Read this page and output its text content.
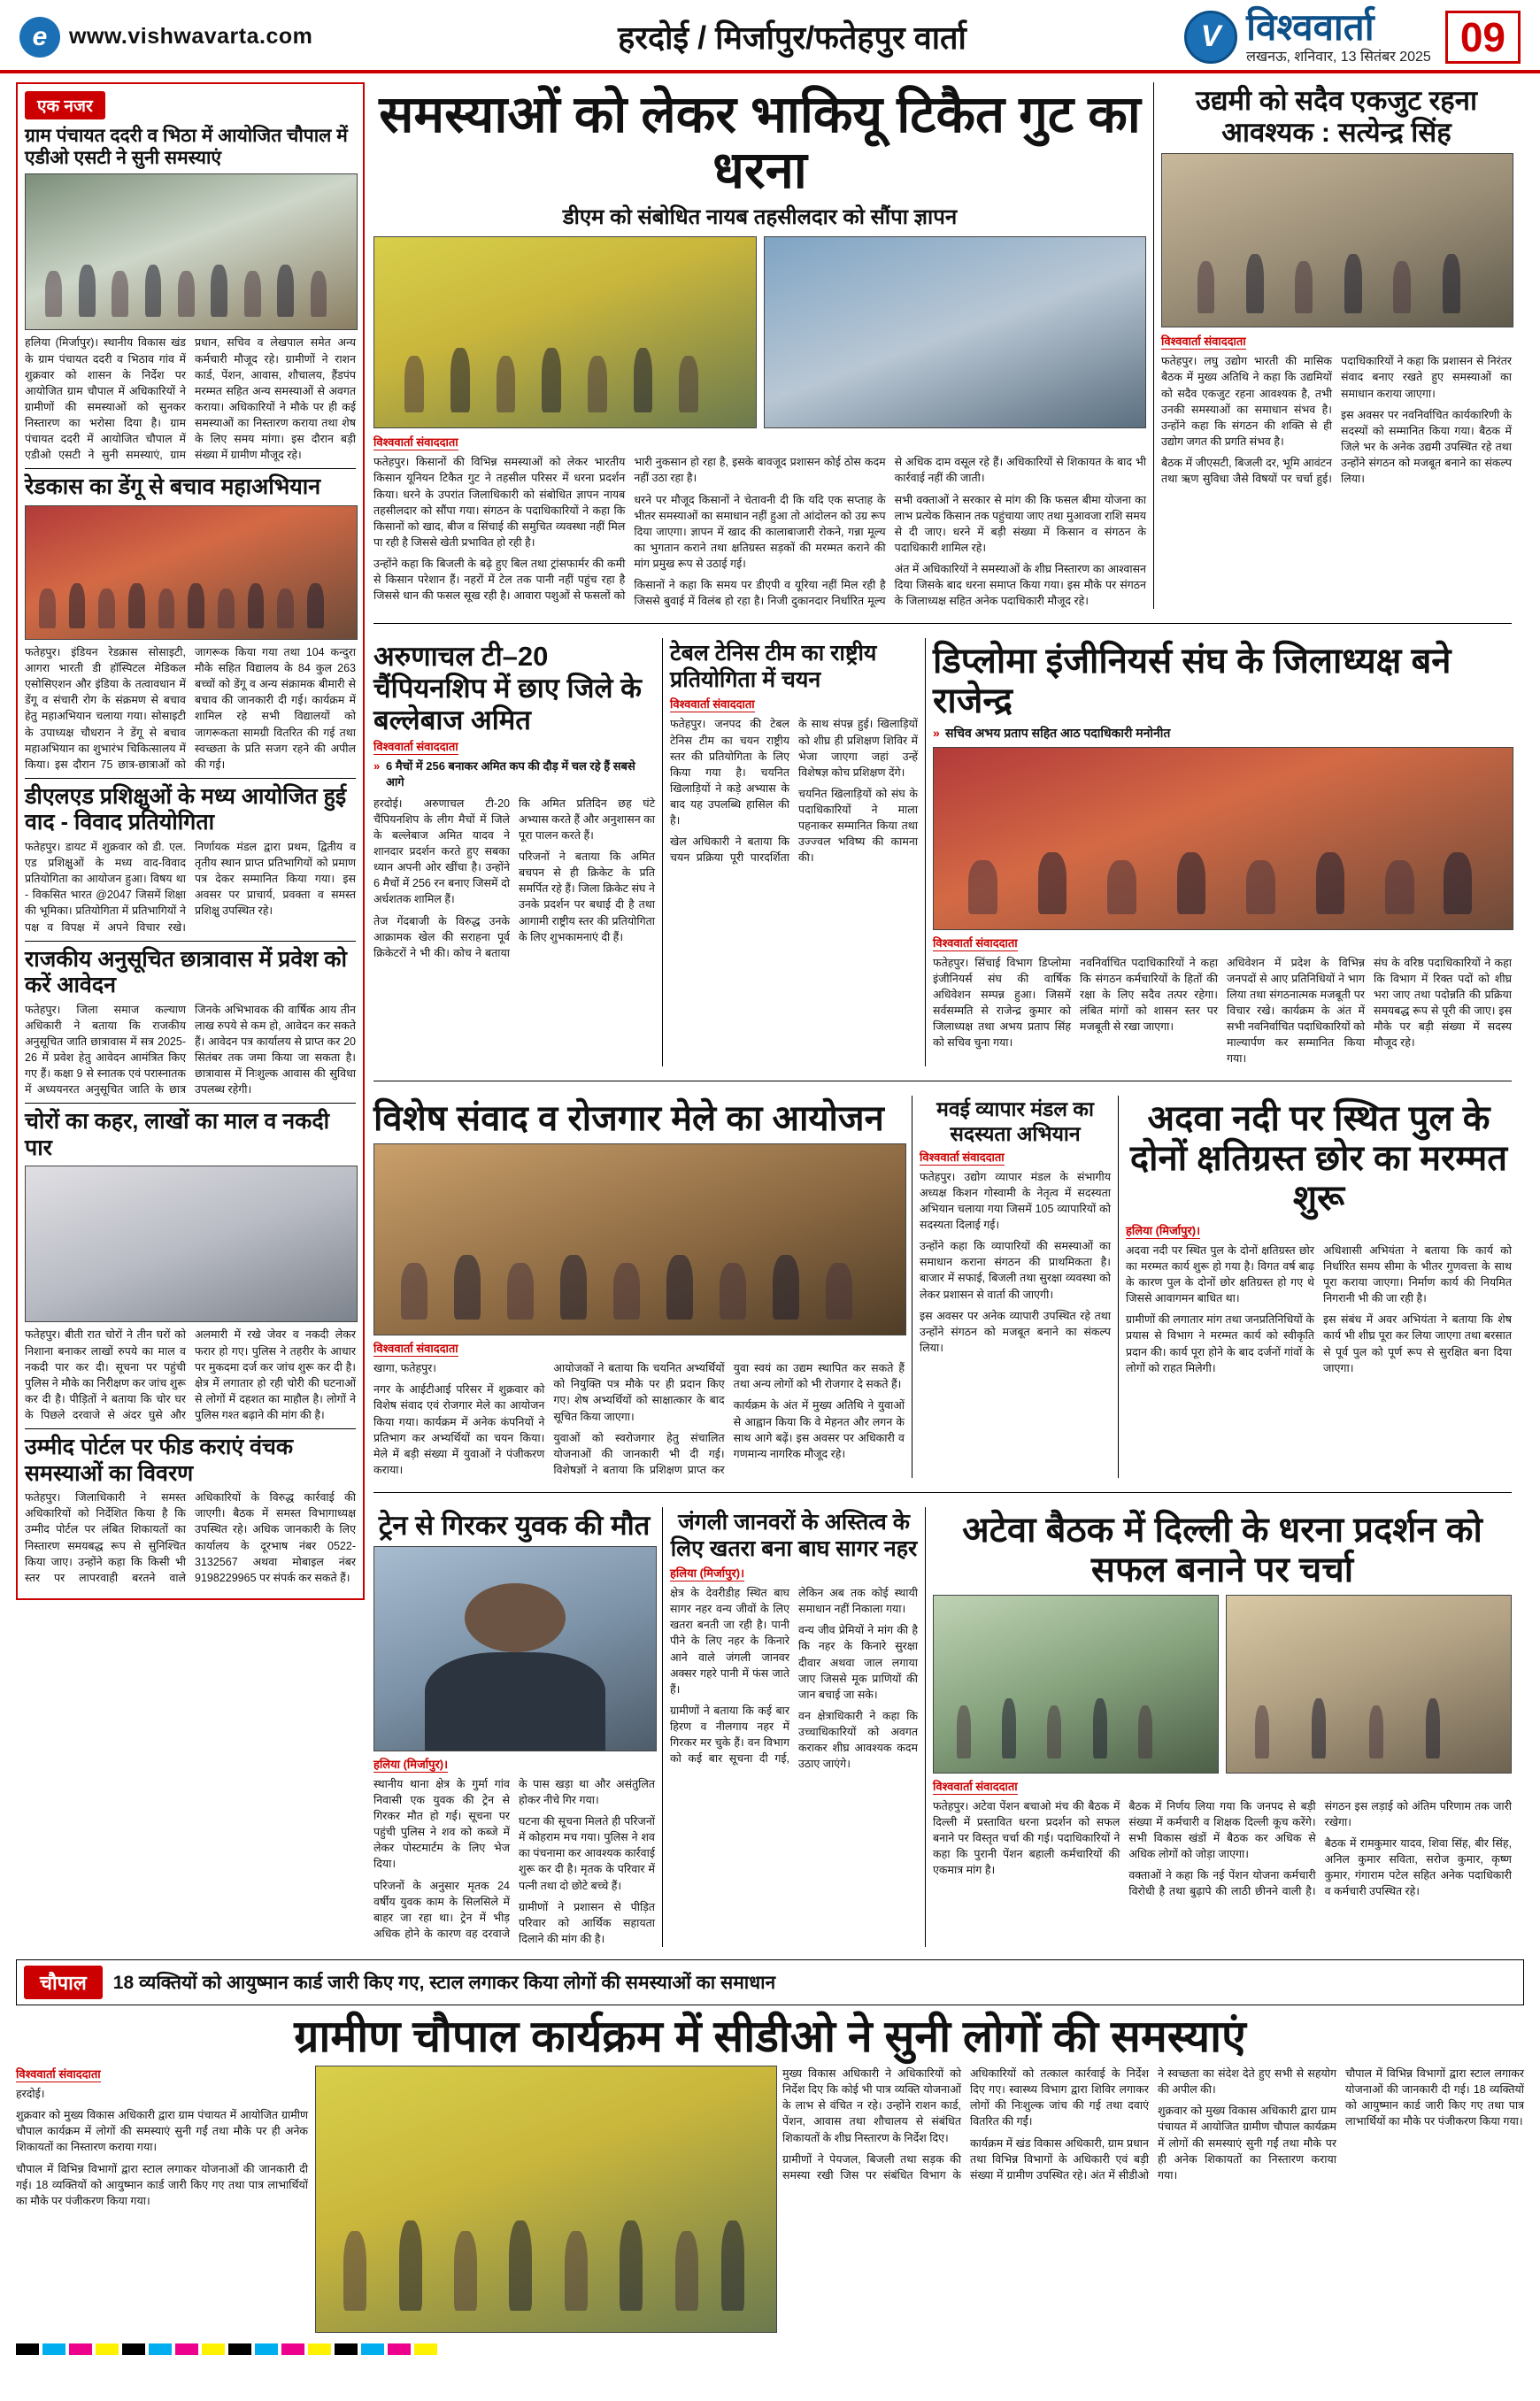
e www.vishwavarta.com	हरदोई / मिर्जापुर/फतेहपुर वार्ता	V विश्ववार्ता
लखनऊ, शनिवार, 13 सितंबर 2025 09
एक नजर
ग्राम पंचायत ददरी व भिठा में आयोजित चौपाल में एडीओ एसटी ने सुनी समस्याएं

हलिया (मिर्जापुर)। स्थानीय विकास खंड के ग्राम पंचायत ददरी व भिठाव गांव में शुक्रवार को शासन के निर्देश पर आयोजित ग्राम चौपाल में अधिकारियों ने ग्रामीणों की समस्याओं को सुनकर निस्तारण का भरोसा दिया है। ग्राम पंचायत ददरी में आयोजित चौपाल में एडीओ एसटी ने सुनी समस्याएं, ग्राम प्रधान, सचिव व लेखपाल समेत अन्य कर्मचारी मौजूद रहे। ग्रामीणों ने राशन कार्ड, पेंशन, आवास, शौचालय, हैंडपंप मरम्मत सहित अन्य समस्याओं से अवगत कराया। अधिकारियों ने मौके पर ही कई समस्याओं का निस्तारण कराया तथा शेष के लिए समय मांगा। इस दौरान बड़ी संख्या में ग्रामीण मौजूद रहे।

रेडकास का डेंगू से बचाव महाअभियान

फतेहपुर। इंडियन रेडक्रास सोसाइटी, आगरा भारती डी हॉस्पिटल मेडिकल एसोसिएशन और इंडिया के तत्वावधान में डेंगू व संचारी रोग के संक्रमण से बचाव हेतु महाअभियान चलाया गया। सोसाइटी के उपाध्यक्ष चौधरान ने डेंगू से बचाव महाअभियान का शुभारंभ चिकित्सालय में किया। इस दौरान 75 छात्र-छात्राओं को जागरूक किया गया तथा 104 कन्दुरा मौके सहित विद्यालय के 84 कुल 263 बच्चों को डेंगू व अन्य संक्रामक बीमारी से बचाव की जानकारी दी गई। कार्यक्रम में शामिल रहे सभी विद्यालयों को जागरूकता सामग्री वितरित की गई तथा स्वच्छता के प्रति सजग रहने की अपील की गई।

डीएलएड प्रशिक्षुओं के मध्य आयोजित हुई वाद - विवाद प्रतियोगिता

फतेहपुर। डायट में शुक्रवार को डी. एल. एड प्रशिक्षुओं के मध्य वाद-विवाद प्रतियोगिता का आयोजन हुआ। विषय था - विकसित भारत @2047 जिसमें शिक्षा की भूमिका। प्रतियोगिता में प्रतिभागियों ने पक्ष व विपक्ष में अपने विचार रखे। निर्णायक मंडल द्वारा प्रथम, द्वितीय व तृतीय स्थान प्राप्त प्रतिभागियों को प्रमाण पत्र देकर सम्मानित किया गया। इस अवसर पर प्राचार्य, प्रवक्ता व समस्त प्रशिक्षु उपस्थित रहे।

राजकीय अनुसूचित छात्रावास में प्रवेश को करें आवेदन

फतेहपुर। जिला समाज कल्याण अधिकारी ने बताया कि राजकीय अनुसूचित जाति छात्रावास में सत्र 2025-26 में प्रवेश हेतु आवेदन आमंत्रित किए गए हैं। कक्षा 9 से स्नातक एवं परास्नातक में अध्ययनरत अनुसूचित जाति के छात्र जिनके अभिभावक की वार्षिक आय तीन लाख रुपये से कम हो, आवेदन कर सकते हैं। आवेदन पत्र कार्यालय से प्राप्त कर 20 सितंबर तक जमा किया जा सकता है। छात्रावास में निःशुल्क आवास की सुविधा उपलब्ध रहेगी।

चोरों का कहर, लाखों का माल व नकदी पार

फतेहपुर। बीती रात चोरों ने तीन घरों को निशाना बनाकर लाखों रुपये का माल व नकदी पार कर दी। सूचना पर पहुंची पुलिस ने मौके का निरीक्षण कर जांच शुरू कर दी है। पीड़ितों ने बताया कि चोर घर के पिछले दरवाजे से अंदर घुसे और अलमारी में रखे जेवर व नकदी लेकर फरार हो गए। पुलिस ने तहरीर के आधार पर मुकदमा दर्ज कर जांच शुरू कर दी है। क्षेत्र में लगातार हो रही चोरी की घटनाओं से लोगों में दहशत का माहौल है। लोगों ने पुलिस गश्त बढ़ाने की मांग की है।

उम्मीद पोर्टल पर फीड कराएं वंचक समस्याओं का विवरण

फतेहपुर। जिलाधिकारी ने समस्त अधिकारियों को निर्देशित किया है कि उम्मीद पोर्टल पर लंबित शिकायतों का निस्तारण समयबद्ध रूप से सुनिश्चित किया जाए। उन्होंने कहा कि किसी भी स्तर पर लापरवाही बरतने वाले अधिकारियों के विरुद्ध कार्रवाई की जाएगी। बैठक में समस्त विभागाध्यक्ष उपस्थित रहे। अधिक जानकारी के लिए कार्यालय के दूरभाष नंबर 0522-3132567 अथवा मोबाइल नंबर 9198229965 पर संपर्क कर सकते हैं।

समस्याओं को लेकर भाकियू टिकैत गुट का धरना
डीएम को संबोधित नायब तहसीलदार को सौंपा ज्ञापन
विश्ववार्ता संवाददाता

फतेहपुर। किसानों की विभिन्न समस्याओं को लेकर भारतीय किसान यूनियन टिकैत गुट ने तहसील परिसर में धरना प्रदर्शन किया। धरने के उपरांत जिलाधिकारी को संबोधित ज्ञापन नायब तहसीलदार को सौंपा गया। संगठन के पदाधिकारियों ने कहा कि किसानों को खाद, बीज व सिंचाई की समुचित व्यवस्था नहीं मिल पा रही है जिससे खेती प्रभावित हो रही है।

उन्होंने कहा कि बिजली के बढ़े हुए बिल तथा ट्रांसफार्मर की कमी से किसान परेशान हैं। नहरों में टेल तक पानी नहीं पहुंच रहा है जिससे धान की फसल सूख रही है। आवारा पशुओं से फसलों को भारी नुकसान हो रहा है, इसके बावजूद प्रशासन कोई ठोस कदम नहीं उठा रहा है।

धरने पर मौजूद किसानों ने चेतावनी दी कि यदि एक सप्ताह के भीतर समस्याओं का समाधान नहीं हुआ तो आंदोलन को उग्र रूप दिया जाएगा। ज्ञापन में खाद की कालाबाजारी रोकने, गन्ना मूल्य का भुगतान कराने तथा क्षतिग्रस्त सड़कों की मरम्मत कराने की मांग प्रमुख रूप से उठाई गई।

किसानों ने कहा कि समय पर डीएपी व यूरिया नहीं मिल रही है जिससे बुवाई में विलंब हो रहा है। निजी दुकानदार निर्धारित मूल्य से अधिक दाम वसूल रहे हैं। अधिकारियों से शिकायत के बाद भी कार्रवाई नहीं की जाती।

सभी वक्ताओं ने सरकार से मांग की कि फसल बीमा योजना का लाभ प्रत्येक किसान तक पहुंचाया जाए तथा मुआवजा राशि समय से दी जाए। धरने में बड़ी संख्या में किसान व संगठन के पदाधिकारी शामिल रहे।

अंत में अधिकारियों ने समस्याओं के शीघ्र निस्तारण का आश्वासन दिया जिसके बाद धरना समाप्त किया गया। इस मौके पर संगठन के जिलाध्यक्ष सहित अनेक पदाधिकारी मौजूद रहे।

उद्यमी को सदैव एकजुट रहना आवश्यक : सत्येन्द्र सिंह
विश्ववार्ता संवाददाता

फतेहपुर। लघु उद्योग भारती की मासिक बैठक में मुख्य अतिथि ने कहा कि उद्यमियों को सदैव एकजुट रहना आवश्यक है, तभी उनकी समस्याओं का समाधान संभव है। उन्होंने कहा कि संगठन की शक्ति से ही उद्योग जगत की प्रगति संभव है।

बैठक में जीएसटी, बिजली दर, भूमि आवंटन तथा ऋण सुविधा जैसे विषयों पर चर्चा हुई। पदाधिकारियों ने कहा कि प्रशासन से निरंतर संवाद बनाए रखते हुए समस्याओं का समाधान कराया जाएगा।

इस अवसर पर नवनिर्वाचित कार्यकारिणी के सदस्यों को सम्मानित किया गया। बैठक में जिले भर के अनेक उद्यमी उपस्थित रहे तथा उन्होंने संगठन को मजबूत बनाने का संकल्प लिया।

अरुणाचल टी–20 चैंपियनशिप में छाए जिले के बल्लेबाज अमित
विश्ववार्ता संवाददाता
» 6 मैचों में 256 बनाकर अमित कप की दौड़ में चल रहे हैं सबसे आगे

हरदोई। अरुणाचल टी-20 चैंपियनशिप के लीग मैचों में जिले के बल्लेबाज अमित यादव ने शानदार प्रदर्शन करते हुए सबका ध्यान अपनी ओर खींचा है। उन्होंने 6 मैचों में 256 रन बनाए जिसमें दो अर्धशतक शामिल हैं।

तेज गेंदबाजी के विरुद्ध उनके आक्रामक खेल की सराहना पूर्व क्रिकेटरों ने भी की। कोच ने बताया कि अमित प्रतिदिन छह घंटे अभ्यास करते हैं और अनुशासन का पूरा पालन करते हैं।

परिजनों ने बताया कि अमित बचपन से ही क्रिकेट के प्रति समर्पित रहे हैं। जिला क्रिकेट संघ ने उनके प्रदर्शन पर बधाई दी है तथा आगामी राष्ट्रीय स्तर की प्रतियोगिता के लिए शुभकामनाएं दी हैं।

टेबल टेनिस टीम का राष्ट्रीय प्रतियोगिता में चयन
विश्ववार्ता संवाददाता

फतेहपुर। जनपद की टेबल टेनिस टीम का चयन राष्ट्रीय स्तर की प्रतियोगिता के लिए किया गया है। चयनित खिलाड़ियों ने कड़े अभ्यास के बाद यह उपलब्धि हासिल की है।

खेल अधिकारी ने बताया कि चयन प्रक्रिया पूरी पारदर्शिता के साथ संपन्न हुई। खिलाड़ियों को शीघ्र ही प्रशिक्षण शिविर में भेजा जाएगा जहां उन्हें विशेषज्ञ कोच प्रशिक्षण देंगे।

चयनित खिलाड़ियों को संघ के पदाधिकारियों ने माला पहनाकर सम्मानित किया तथा उज्ज्वल भविष्य की कामना की।

डिप्लोमा इंजीनियर्स संघ के जिलाध्यक्ष बने राजेन्द्र
» सचिव अभय प्रताप सहित आठ पदाधिकारी मनोनीत
विश्ववार्ता संवाददाता

फतेहपुर। सिंचाई विभाग डिप्लोमा इंजीनियर्स संघ की वार्षिक अधिवेशन सम्पन्न हुआ। जिसमें सर्वसम्मति से राजेन्द्र कुमार को जिलाध्यक्ष तथा अभय प्रताप सिंह को सचिव चुना गया।

नवनिर्वाचित पदाधिकारियों ने कहा कि संगठन कर्मचारियों के हितों की रक्षा के लिए सदैव तत्पर रहेगा। लंबित मांगों को शासन स्तर पर मजबूती से रखा जाएगा।

अधिवेशन में प्रदेश के विभिन्न जनपदों से आए प्रतिनिधियों ने भाग लिया तथा संगठनात्मक मजबूती पर विचार रखे। कार्यक्रम के अंत में सभी नवनिर्वाचित पदाधिकारियों को माल्यार्पण कर सम्मानित किया गया।

संघ के वरिष्ठ पदाधिकारियों ने कहा कि विभाग में रिक्त पदों को शीघ्र भरा जाए तथा पदोन्नति की प्रक्रिया समयबद्ध रूप से पूरी की जाए। इस मौके पर बड़ी संख्या में सदस्य मौजूद रहे।

विशेष संवाद व रोजगार मेले का आयोजन
विश्ववार्ता संवाददाता

खागा, फतेहपुर।

नगर के आईटीआई परिसर में शुक्रवार को विशेष संवाद एवं रोजगार मेले का आयोजन किया गया। कार्यक्रम में अनेक कंपनियों ने प्रतिभाग कर अभ्यर्थियों का चयन किया। मेले में बड़ी संख्या में युवाओं ने पंजीकरण कराया।

आयोजकों ने बताया कि चयनित अभ्यर्थियों को नियुक्ति पत्र मौके पर ही प्रदान किए गए। शेष अभ्यर्थियों को साक्षात्कार के बाद सूचित किया जाएगा।

युवाओं को स्वरोजगार हेतु संचालित योजनाओं की जानकारी भी दी गई। विशेषज्ञों ने बताया कि प्रशिक्षण प्राप्त कर युवा स्वयं का उद्यम स्थापित कर सकते हैं तथा अन्य लोगों को भी रोजगार दे सकते हैं।

कार्यक्रम के अंत में मुख्य अतिथि ने युवाओं से आह्वान किया कि वे मेहनत और लगन के साथ आगे बढ़ें। इस अवसर पर अधिकारी व गणमान्य नागरिक मौजूद रहे।

मवई व्यापार मंडल का सदस्यता अभियान
विश्ववार्ता संवाददाता

फतेहपुर। उद्योग व्यापार मंडल के संभागीय अध्यक्ष किशन गोस्वामी के नेतृत्व में सदस्यता अभियान चलाया गया जिसमें 105 व्यापारियों को सदस्यता दिलाई गई।

उन्होंने कहा कि व्यापारियों की समस्याओं का समाधान कराना संगठन की प्राथमिकता है। बाजार में सफाई, बिजली तथा सुरक्षा व्यवस्था को लेकर प्रशासन से वार्ता की जाएगी।

इस अवसर पर अनेक व्यापारी उपस्थित रहे तथा उन्होंने संगठन को मजबूत बनाने का संकल्प लिया।

अदवा नदी पर स्थित पुल के दोनों क्षतिग्रस्त छोर का मरम्मत शुरू
हलिया (मिर्जापुर)।

अदवा नदी पर स्थित पुल के दोनों क्षतिग्रस्त छोर का मरम्मत कार्य शुरू हो गया है। विगत वर्ष बाढ़ के कारण पुल के दोनों छोर क्षतिग्रस्त हो गए थे जिससे आवागमन बाधित था।

ग्रामीणों की लगातार मांग तथा जनप्रतिनिधियों के प्रयास से विभाग ने मरम्मत कार्य को स्वीकृति प्रदान की। कार्य पूरा होने के बाद दर्जनों गांवों के लोगों को राहत मिलेगी।

अधिशासी अभियंता ने बताया कि कार्य को निर्धारित समय सीमा के भीतर गुणवत्ता के साथ पूरा कराया जाएगा। निर्माण कार्य की नियमित निगरानी भी की जा रही है।

इस संबंध में अवर अभियंता ने बताया कि शेष कार्य भी शीघ्र पूरा कर लिया जाएगा तथा बरसात से पूर्व पुल को पूर्ण रूप से सुरक्षित बना दिया जाएगा।

ट्रेन से गिरकर युवक की मौत
हलिया (मिर्जापुर)।

स्थानीय थाना क्षेत्र के गुर्मा गांव निवासी एक युवक की ट्रेन से गिरकर मौत हो गई। सूचना पर पहुंची पुलिस ने शव को कब्जे में लेकर पोस्टमार्टम के लिए भेज दिया।

परिजनों के अनुसार मृतक 24 वर्षीय युवक काम के सिलसिले में बाहर जा रहा था। ट्रेन में भीड़ अधिक होने के कारण वह दरवाजे के पास खड़ा था और असंतुलित होकर नीचे गिर गया।

घटना की सूचना मिलते ही परिजनों में कोहराम मच गया। पुलिस ने शव का पंचनामा कर आवश्यक कार्रवाई शुरू कर दी है। मृतक के परिवार में पत्नी तथा दो छोटे बच्चे हैं।

ग्रामीणों ने प्रशासन से पीड़ित परिवार को आर्थिक सहायता दिलाने की मांग की है।

जंगली जानवरों के अस्तित्व के लिए खतरा बना बाघ सागर नहर
हलिया (मिर्जापुर)।

क्षेत्र के देवरीडीह स्थित बाघ सागर नहर वन्य जीवों के लिए खतरा बनती जा रही है। पानी पीने के लिए नहर के किनारे आने वाले जंगली जानवर अक्सर गहरे पानी में फंस जाते हैं।

ग्रामीणों ने बताया कि कई बार हिरण व नीलगाय नहर में गिरकर मर चुके हैं। वन विभाग को कई बार सूचना दी गई, लेकिन अब तक कोई स्थायी समाधान नहीं निकाला गया।

वन्य जीव प्रेमियों ने मांग की है कि नहर के किनारे सुरक्षा दीवार अथवा जाल लगाया जाए जिससे मूक प्राणियों की जान बचाई जा सके।

वन क्षेत्राधिकारी ने कहा कि उच्चाधिकारियों को अवगत कराकर शीघ्र आवश्यक कदम उठाए जाएंगे।

अटेवा बैठक में दिल्ली के धरना प्रदर्शन को सफल बनाने पर चर्चा
विश्ववार्ता संवाददाता

फतेहपुर। अटेवा पेंशन बचाओ मंच की बैठक में दिल्ली में प्रस्तावित धरना प्रदर्शन को सफल बनाने पर विस्तृत चर्चा की गई। पदाधिकारियों ने कहा कि पुरानी पेंशन बहाली कर्मचारियों की एकमात्र मांग है।

बैठक में निर्णय लिया गया कि जनपद से बड़ी संख्या में कर्मचारी व शिक्षक दिल्ली कूच करेंगे। सभी विकास खंडों में बैठक कर अधिक से अधिक लोगों को जोड़ा जाएगा।

वक्ताओं ने कहा कि नई पेंशन योजना कर्मचारी विरोधी है तथा बुढ़ापे की लाठी छीनने वाली है। संगठन इस लड़ाई को अंतिम परिणाम तक जारी रखेगा।

बैठक में रामकुमार यादव, शिवा सिंह, बीर सिंह, अनिल कुमार सविता, सरोज कुमार, कृष्ण कुमार, गंगाराम पटेल सहित अनेक पदाधिकारी व कर्मचारी उपस्थित रहे।

चौपाल	18 व्यक्तियों को आयुष्मान कार्ड जारी किए गए, स्टाल लगाकर किया लोगों की समस्याओं का समाधान
ग्रामीण चौपाल कार्यक्रम में सीडीओ ने सुनी लोगों की समस्याएं
विश्ववार्ता संवाददाता

हरदोई।

शुक्रवार को मुख्य विकास अधिकारी द्वारा ग्राम पंचायत में आयोजित ग्रामीण चौपाल कार्यक्रम में लोगों की समस्याएं सुनी गईं तथा मौके पर ही अनेक शिकायतों का निस्तारण कराया गया।

चौपाल में विभिन्न विभागों द्वारा स्टाल लगाकर योजनाओं की जानकारी दी गई। 18 व्यक्तियों को आयुष्मान कार्ड जारी किए गए तथा पात्र लाभार्थियों का मौके पर पंजीकरण किया गया।

मुख्य विकास अधिकारी ने अधिकारियों को निर्देश दिए कि कोई भी पात्र व्यक्ति योजनाओं के लाभ से वंचित न रहे। उन्होंने राशन कार्ड, पेंशन, आवास तथा शौचालय से संबंधित शिकायतों के शीघ्र निस्तारण के निर्देश दिए।

ग्रामीणों ने पेयजल, बिजली तथा सड़क की समस्या रखी जिस पर संबंधित विभाग के अधिकारियों को तत्काल कार्रवाई के निर्देश दिए गए। स्वास्थ्य विभाग द्वारा शिविर लगाकर लोगों की निःशुल्क जांच की गई तथा दवाएं वितरित की गईं।

कार्यक्रम में खंड विकास अधिकारी, ग्राम प्रधान तथा विभिन्न विभागों के अधिकारी एवं बड़ी संख्या में ग्रामीण उपस्थित रहे। अंत में सीडीओ ने स्वच्छता का संदेश देते हुए सभी से सहयोग की अपील की।

शुक्रवार को मुख्य विकास अधिकारी द्वारा ग्राम पंचायत में आयोजित ग्रामीण चौपाल कार्यक्रम में लोगों की समस्याएं सुनी गईं तथा मौके पर ही अनेक शिकायतों का निस्तारण कराया गया।

चौपाल में विभिन्न विभागों द्वारा स्टाल लगाकर योजनाओं की जानकारी दी गई। 18 व्यक्तियों को आयुष्मान कार्ड जारी किए गए तथा पात्र लाभार्थियों का मौके पर पंजीकरण किया गया।
